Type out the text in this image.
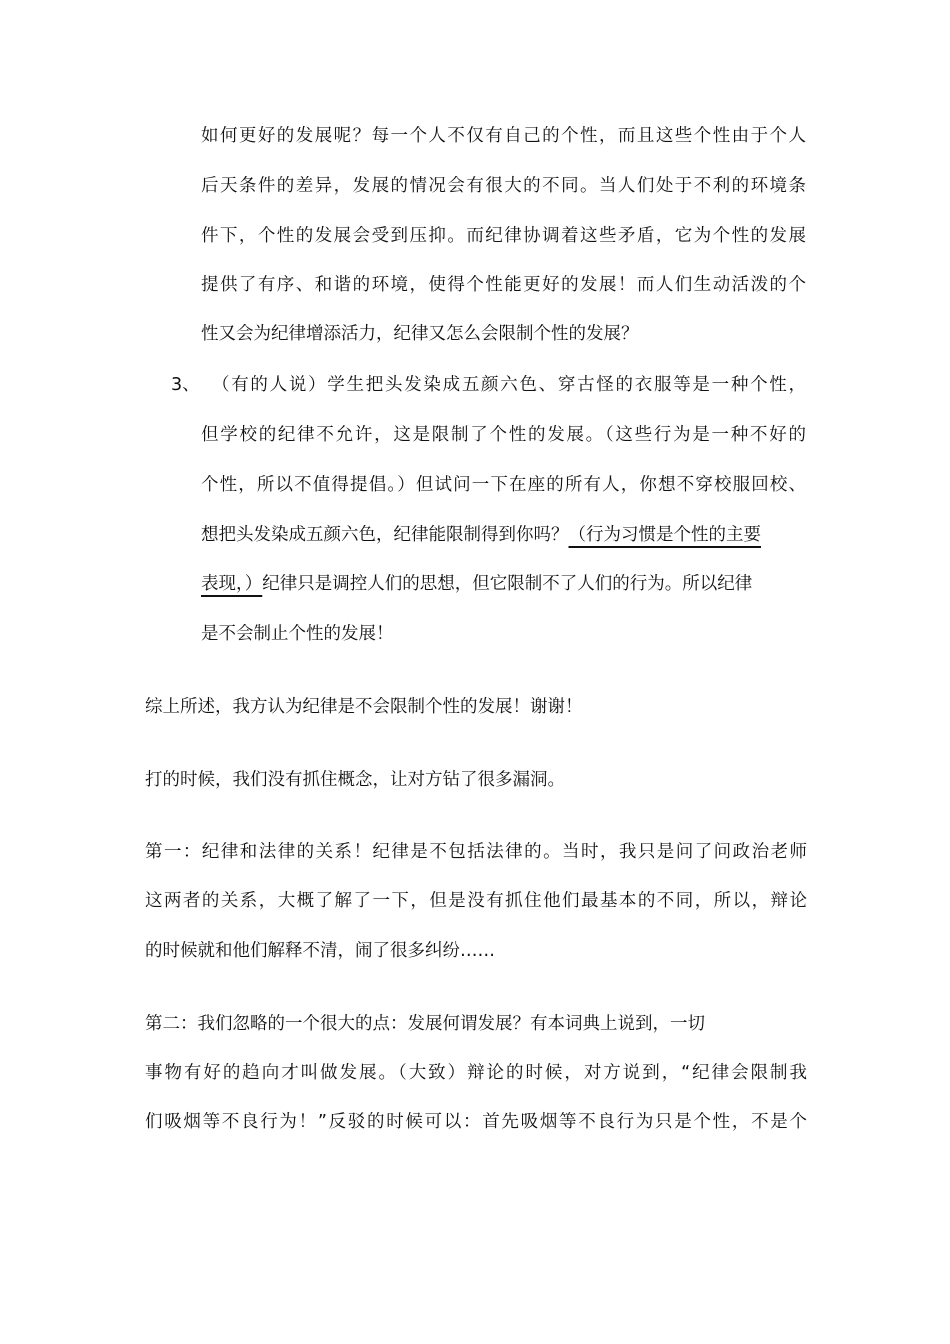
如何更好的发展呢？每一个人不仅有自己的个性，而且这些个性由于个人
后天条件的差异，发展的情况会有很大的不同。当人们处于不利的环境条
件下，个性的发展会受到压抑。而纪律协调着这些矛盾，它为个性的发展
提供了有序、和谐的环境，使得个性能更好的发展！而人们生动活泼的个
性又会为纪律增添活力，纪律又怎么会限制个性的发展？
3、 （有的人说）学生把头发染成五颜六色、穿古怪的衣服等是一种个性，
但学校的纪律不允许，这是限制了个性的发展。（这些行为是一种不好的
个性，所以不值得提倡。）但试问一下在座的所有人，你想不穿校服回校、
想把头发染成五颜六色，纪律能限制得到你吗？（行为习惯是个性的主要
表现，）纪律只是调控人们的思想，但它限制不了人们的行为。所以纪律
是不会制止个性的发展！
综上所述，我方认为纪律是不会限制个性的发展！谢谢！
打的时候，我们没有抓住概念，让对方钻了很多漏洞。
第一：纪律和法律的关系！纪律是不包括法律的。当时，我只是问了问政治老师
这两者的关系，大概了解了一下，但是没有抓住他们最基本的不同，所以，辩论
的时候就和他们解释不清，闹了很多纠纷……
第二：我们忽略的一个很大的点：发展何谓发展？有本词典上说到，一切
事物有好的趋向才叫做发展。（大致）辩论的时候，对方说到，“纪律会限制我
们吸烟等不良行为！”反驳的时候可以：首先吸烟等不良行为只是个性，不是个
